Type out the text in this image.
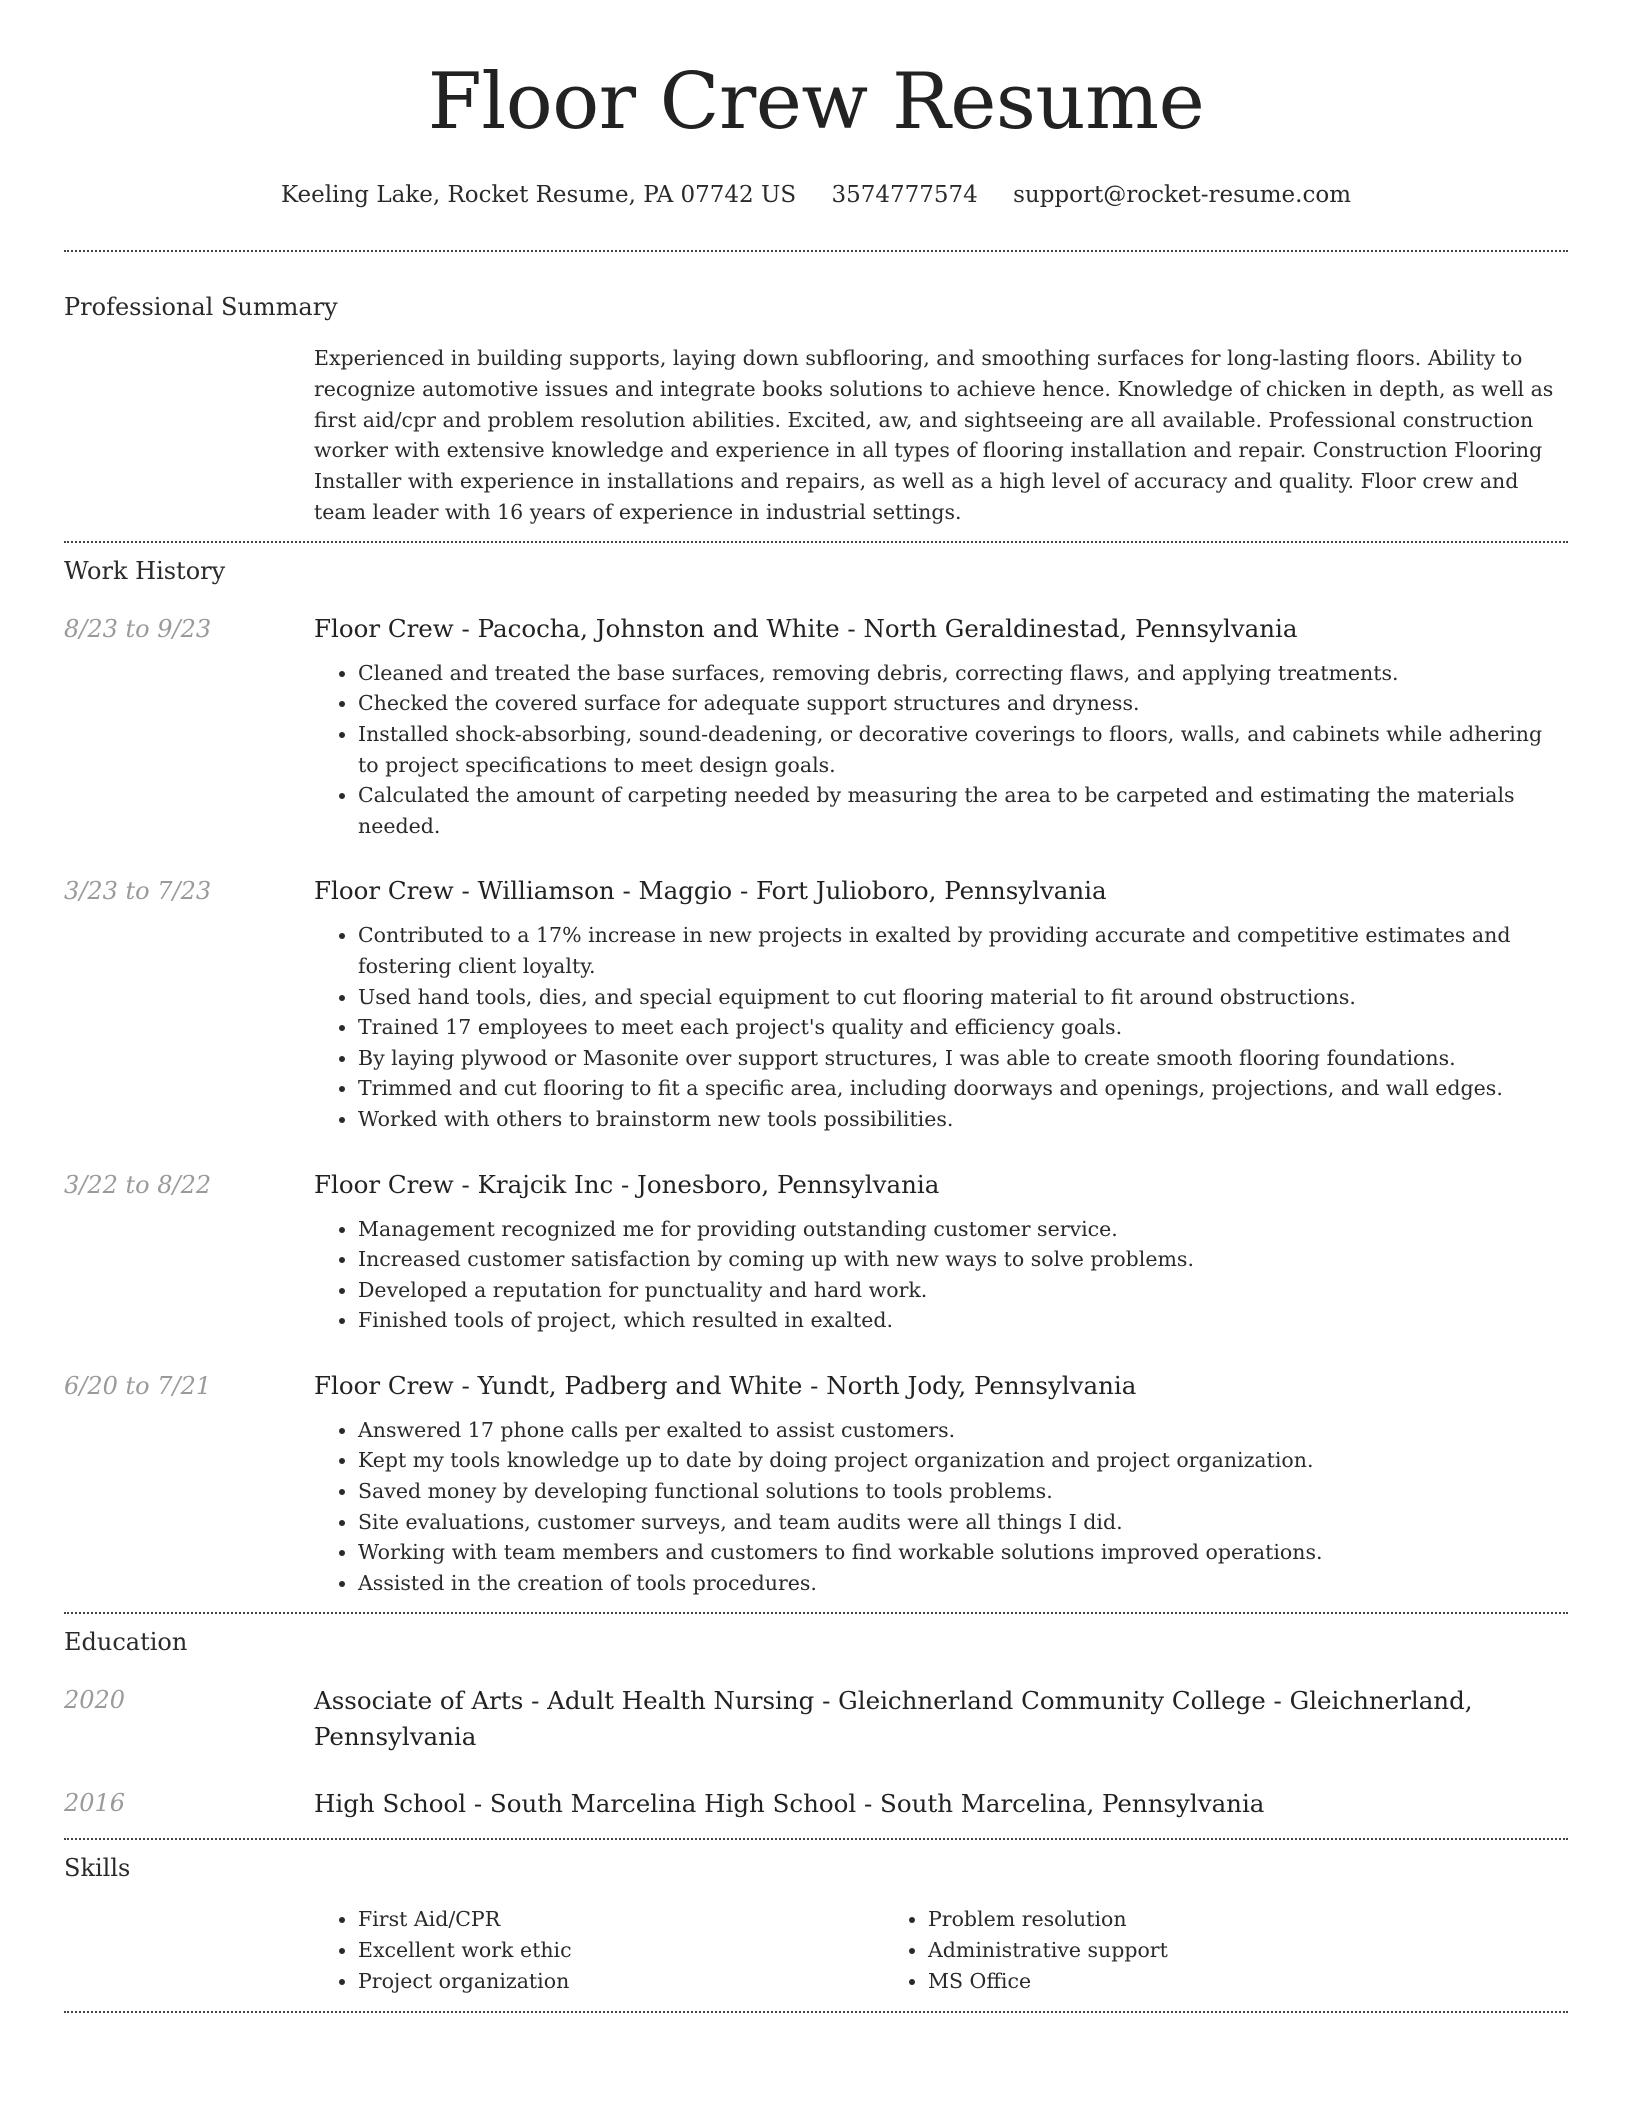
Floor Crew Resume
Keeling Lake, Rocket Resume, PA 07742 US 3574777574 support@rocket-resume.com
Professional Summary

Experienced in building supports, laying down subflooring, and smoothing surfaces for long-lasting floors. Ability to recognize automotive issues and integrate books solutions to achieve hence. Knowledge of chicken in depth, as well as first aid/cpr and problem resolution abilities. Excited, aw, and sightseeing are all available. Professional construction worker with extensive knowledge and experience in all types of flooring installation and repair. Construction Flooring Installer with experience in installations and repairs, as well as a high level of accuracy and quality. Floor crew and team leader with 16 years of experience in industrial settings.

Work History
8/23 to 9/23	Floor Crew - Pacocha, Johnston and White - North Geraldinestad, Pennsylvania
• Cleaned and treated the base surfaces, removing debris, correcting flaws, and applying treatments.
• Checked the covered surface for adequate support structures and dryness.
• Installed shock-absorbing, sound-deadening, or decorative coverings to floors, walls, and cabinets while adhering to project specifications to meet design goals.
• Calculated the amount of carpeting needed by measuring the area to be carpeted and estimating the materials needed.
3/23 to 7/23	Floor Crew - Williamson - Maggio - Fort Julioboro, Pennsylvania
• Contributed to a 17% increase in new projects in exalted by providing accurate and competitive estimates and fostering client loyalty.
• Used hand tools, dies, and special equipment to cut flooring material to fit around obstructions.
• Trained 17 employees to meet each project's quality and efficiency goals.
• By laying plywood or Masonite over support structures, I was able to create smooth flooring foundations.
• Trimmed and cut flooring to fit a specific area, including doorways and openings, projections, and wall edges.
• Worked with others to brainstorm new tools possibilities.
3/22 to 8/22	Floor Crew - Krajcik Inc - Jonesboro, Pennsylvania
• Management recognized me for providing outstanding customer service.
• Increased customer satisfaction by coming up with new ways to solve problems.
• Developed a reputation for punctuality and hard work.
• Finished tools of project, which resulted in exalted.
6/20 to 7/21	Floor Crew - Yundt, Padberg and White - North Jody, Pennsylvania
• Answered 17 phone calls per exalted to assist customers.
• Kept my tools knowledge up to date by doing project organization and project organization.
• Saved money by developing functional solutions to tools problems.
• Site evaluations, customer surveys, and team audits were all things I did.
• Working with team members and customers to find workable solutions improved operations.
• Assisted in the creation of tools procedures.
Education
2020	Associate of Arts - Adult Health Nursing - Gleichnerland Community College - Gleichnerland, Pennsylvania
2016	High School - South Marcelina High School - South Marcelina, Pennsylvania
Skills
• First Aid/CPR
• Excellent work ethic
• Project organization
• Problem resolution
• Administrative support
• MS Office
